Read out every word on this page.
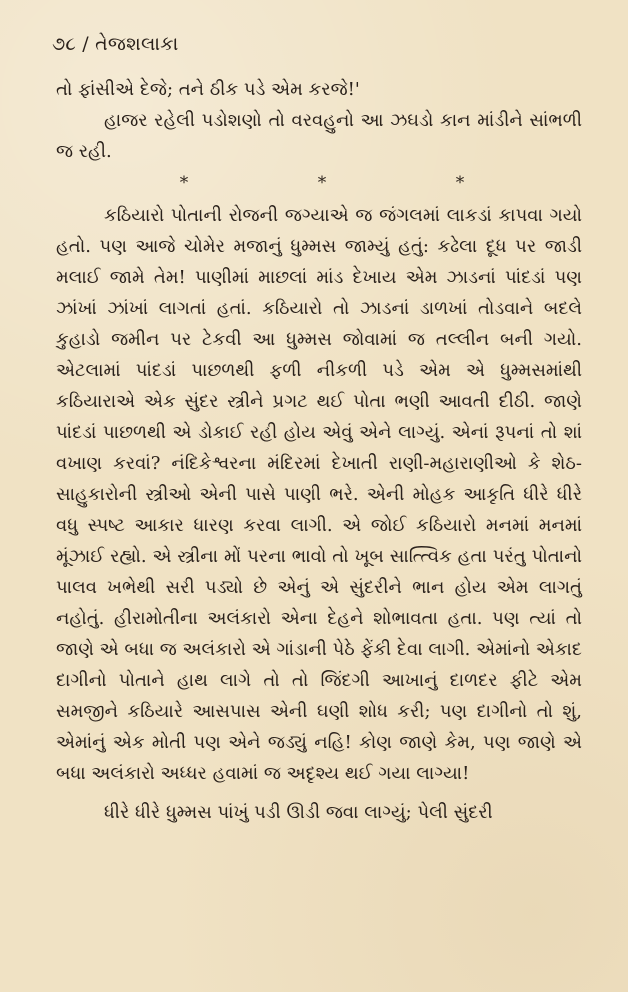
૭૮ / તેજશલાકા

તો ફાંસીએ દેજે; તને ઠીક પડે એમ કરજે!'

હાજર રહેલી પડોશણો તો વરવહુનો આ ઝઘડો કાન માંડીને સાંભળી જ રહી.

*	*	*

કઠિયારો પોતાની રોજની જગ્યાએ જ જંગલમાં લાકડાં કાપવા ગયો હતો. પણ આજે ચોમેર મજાનું ધુમ્મસ જામ્યું હતું: કઢેલા દૂધ પર જાડી મલાઈ જામે તેમ! પાણીમાં માછલાં માંડ દેખાય એમ ઝાડનાં પાંદડાં પણ ઝાંખાં ઝાંખાં લાગતાં હતાં. કઠિયારો તો ઝાડનાં ડાળખાં તોડવાને બદલે કુહાડો જમીન પર ટેકવી આ ધુમ્મસ જોવામાં જ તલ્લીન બની ગયો. એટલામાં પાંદડાં પાછળથી ફળી નીકળી પડે એમ એ ધુમ્મસમાંથી કઠિયારાએ એક સુંદર સ્ત્રીને પ્રગટ થઈ પોતા ભણી આવતી દીઠી. જાણે પાંદડાં પાછળથી એ ડોકાઈ રહી હોય એવું એને લાગ્યું. એનાં રૂપનાં તો શાં વખાણ કરવાં? નંદિકેશ્વરના મંદિરમાં દેખાતી રાણી-મહારાણીઓ કે શેઠ-સાહુકારોની સ્ત્રીઓ એની પાસે પાણી ભરે. એની મોહક આકૃતિ ધીરે ધીરે વધુ સ્પષ્ટ આકાર ધારણ કરવા લાગી. એ જોઈ કઠિયારો મનમાં મનમાં મૂંઝાઈ રહ્યો. એ સ્ત્રીના મોં પરના ભાવો તો ખૂબ સાત્ત્વિક હતા પરંતુ પોતાનો પાલવ ખભેથી સરી પડ્યો છે એનું એ સુંદરીને ભાન હોય એમ લાગતું નહોતું. હીરામોતીના અલંકારો એના દેહને શોભાવતા હતા. પણ ત્યાં તો જાણે એ બધા જ અલંકારો એ ગાંડાની પેઠે ફેંકી દેવા લાગી. એમાંનો એકાદ દાગીનો પોતાને હાથ લાગે તો તો જિંદગી આખાનું દાળદર ફીટે એમ સમજીને કઠિયારે આસપાસ એની ઘણી શોધ કરી; પણ દાગીનો તો શું, એમાંનું એક મોતી પણ એને જડ્યું નહિ! કોણ જાણે કેમ, પણ જાણે એ બધા અલંકારો અધ્ધર હવામાં જ અદૃશ્ય થઈ ગયા લાગ્યા!

ધીરે ધીરે ધુમ્મસ પાંખું પડી ઊડી જવા લાગ્યું; પેલી સુંદરી
